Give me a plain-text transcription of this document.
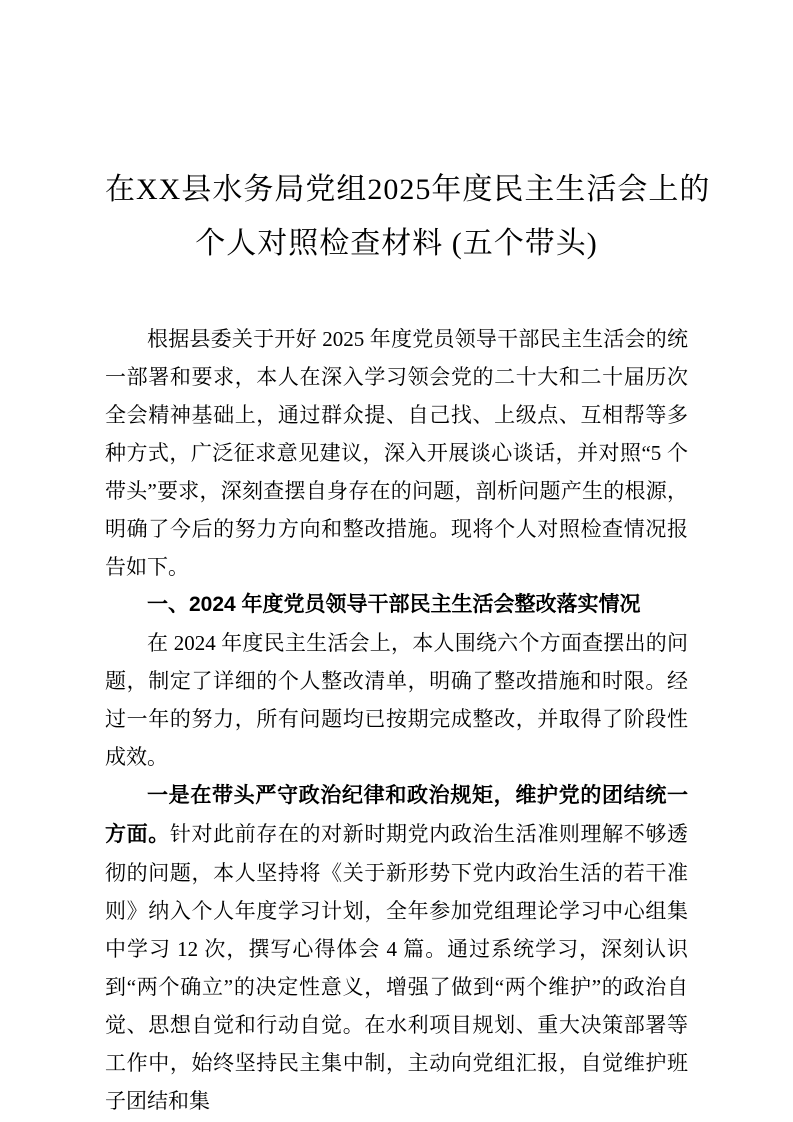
在XX县水务局党组2025年度民主生活会上的
个人对照检查材料 (五个带头)

根据县委关于开好 2025 年度党员领导干部民主生活会的统一部署和要求，本人在深入学习领会党的二十大和二十届历次全会精神基础上，通过群众提、自己找、上级点、互相帮等多种方式，广泛征求意见建议，深入开展谈心谈话，并对照“5 个带头”要求，深刻查摆自身存在的问题，剖析问题产生的根源，明确了今后的努力方向和整改措施。现将个人对照检查情况报告如下。

一、2024 年度党员领导干部民主生活会整改落实情况

在 2024 年度民主生活会上，本人围绕六个方面查摆出的问题，制定了详细的个人整改清单，明确了整改措施和时限。经过一年的努力，所有问题均已按期完成整改，并取得了阶段性成效。

一是在带头严守政治纪律和政治规矩，维护党的团结统一方面。针对此前存在的对新时期党内政治生活准则理解不够透彻的问题，本人坚持将《关于新形势下党内政治生活的若干准则》纳入个人年度学习计划，全年参加党组理论学习中心组集中学习 12 次，撰写心得体会 4 篇。通过系统学习，深刻认识到“两个确立”的决定性意义，增强了做到“两个维护”的政治自觉、思想自觉和行动自觉。在水利项目规划、重大决策部署等工作中，始终坚持民主集中制，主动向党组汇报，自觉维护班子团结和集
